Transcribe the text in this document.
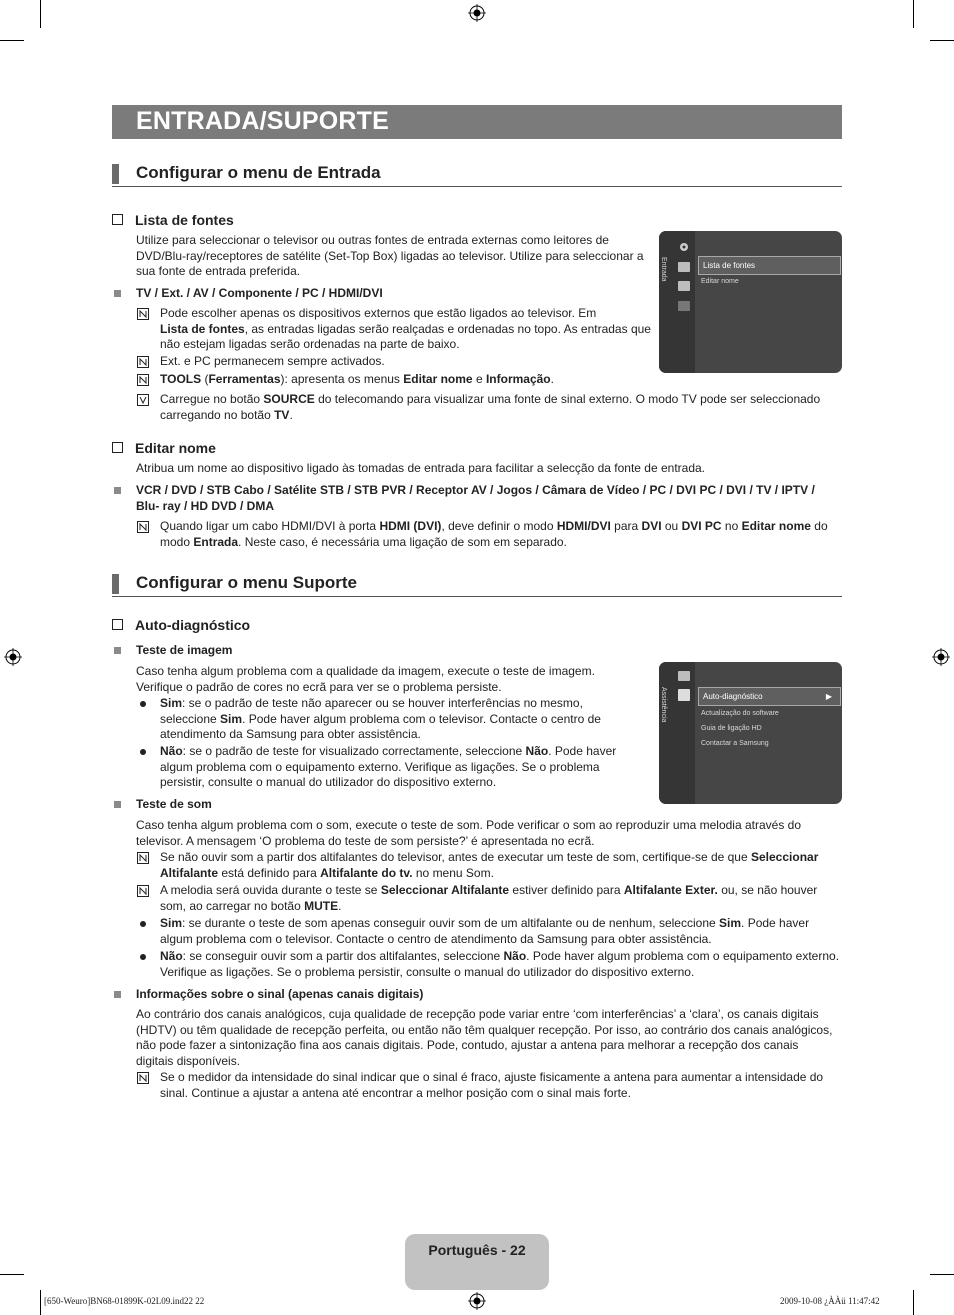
ENTRADA/SUPORTE
Configurar o menu de Entrada
Lista de fontes
Utilize para seleccionar o televisor ou outras fontes de entrada externas como leitores de DVD/Blu-ray/receptores de satélite (Set-Top Box) ligadas ao televisor. Utilize para seleccionar a sua fonte de entrada preferida.
TV / Ext. / AV / Componente / PC / HDMI/DVI
Pode escolher apenas os dispositivos externos que estão ligados ao televisor. Em
Lista de fontes, as entradas ligadas serão realçadas e ordenadas no topo. As entradas que não estejam ligadas serão ordenadas na parte de baixo.
Ext. e PC permanecem sempre activados.
TOOLS (Ferramentas): apresenta os menus Editar nome e Informação.
Carregue no botão SOURCE do telecomando para visualizar uma fonte de sinal externo. O modo TV pode ser seleccionado carregando no botão TV.
Entrada	Lista de fontes
Editar nome
Editar nome
Atribua um nome ao dispositivo ligado às tomadas de entrada para facilitar a selecção da fonte de entrada.
VCR / DVD / STB Cabo / Satélite STB / STB PVR / Receptor AV / Jogos / Câmara de Vídeo / PC / DVI PC / DVI / TV / IPTV / Blu- ray / HD DVD / DMA
Quando ligar um cabo HDMI/DVI à porta HDMI (DVI), deve definir o modo HDMI/DVI para DVI ou DVI PC no Editar nome do modo Entrada. Neste caso, é necessária uma ligação de som em separado.
Configurar o menu Suporte
Auto-diagnóstico
Teste de imagem
Caso tenha algum problema com a qualidade da imagem, execute o teste de imagem. Verifique o padrão de cores no ecrã para ver se o problema persiste.
Sim: se o padrão de teste não aparecer ou se houver interferências no mesmo, seleccione Sim. Pode haver algum problema com o televisor. Contacte o centro de atendimento da Samsung para obter assistência.
Não: se o padrão de teste for visualizado correctamente, seleccione Não. Pode haver algum problema com o equipamento externo. Verifique as ligações. Se o problema persistir, consulte o manual do utilizador do dispositivo externo.
Assistência	Auto-diagnóstico	▶
Actualização do software
Guia de ligação HD
Contactar a Samsung
Teste de som
Caso tenha algum problema com o som, execute o teste de som. Pode verificar o som ao reproduzir uma melodia através do televisor. A mensagem ‘O problema do teste de som persiste?’ é apresentada no ecrã.
Se não ouvir som a partir dos altifalantes do televisor, antes de executar um teste de som, certifique-se de que Seleccionar Altifalante está definido para Altifalante do tv. no menu Som.
A melodia será ouvida durante o teste se Seleccionar Altifalante estiver definido para Altifalante Exter. ou, se não houver som, ao carregar no botão MUTE.
Sim: se durante o teste de som apenas conseguir ouvir som de um altifalante ou de nenhum, seleccione Sim. Pode haver algum problema com o televisor. Contacte o centro de atendimento da Samsung para obter assistência.
Não: se conseguir ouvir som a partir dos altifalantes, seleccione Não. Pode haver algum problema com o equipamento externo. Verifique as ligações. Se o problema persistir, consulte o manual do utilizador do dispositivo externo.
Informações sobre o sinal (apenas canais digitais)
Ao contrário dos canais analógicos, cuja qualidade de recepção pode variar entre ‘com interferências’ a ‘clara’, os canais digitais (HDTV) ou têm qualidade de recepção perfeita, ou então não têm qualquer recepção. Por isso, ao contrário dos canais analógicos, não pode fazer a sintonização fina aos canais digitais. Pode, contudo, ajustar a antena para melhorar a recepção dos canais digitais disponíveis.
Se o medidor da intensidade do sinal indicar que o sinal é fraco, ajuste fisicamente a antena para aumentar a intensidade do sinal. Continue a ajustar a antena até encontrar a melhor posição com o sinal mais forte.
Português - 22
[650-Weuro]BN68-01899K-02L09.ind22 22	2009-10-08 ¿ÀÀü 11:47:42
